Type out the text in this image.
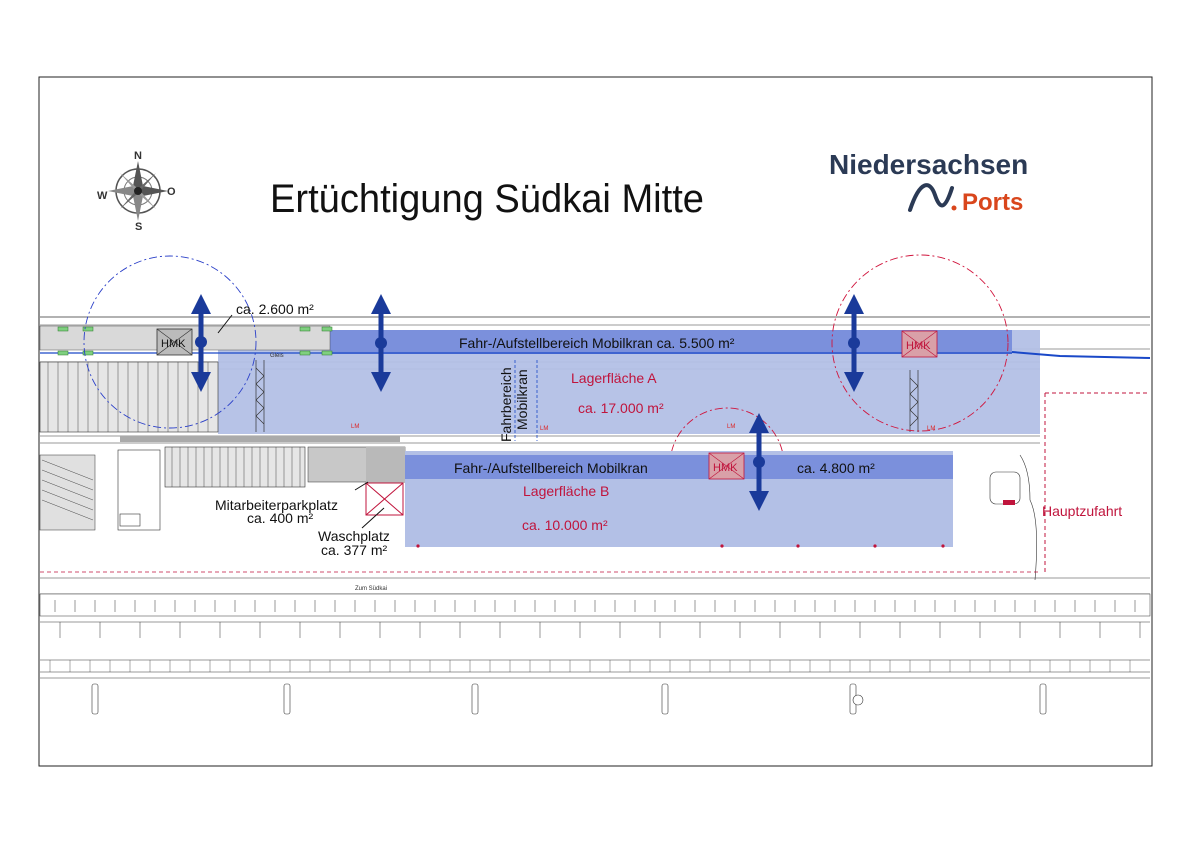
Ertüchtigung Südkai Mitte
N
S
W	O
Niedersachsen
Ports
Zum Südkai
LM	LM	LM	LM
Gleis
HMK	HMK
HMK
ca. 2.600 m²
Fahr-/Aufstellbereich Mobilkran ca. 5.500 m²
Lagerfläche A
ca. 17.000 m²
Fahrbereich Mobilkran
Fahr-/Aufstellbereich Mobilkran	ca. 4.800 m²
Lagerfläche B
ca. 10.000 m²
Mitarbeiterparkplatz
ca. 400 m²
Waschplatz
ca. 377 m²
Hauptzufahrt
